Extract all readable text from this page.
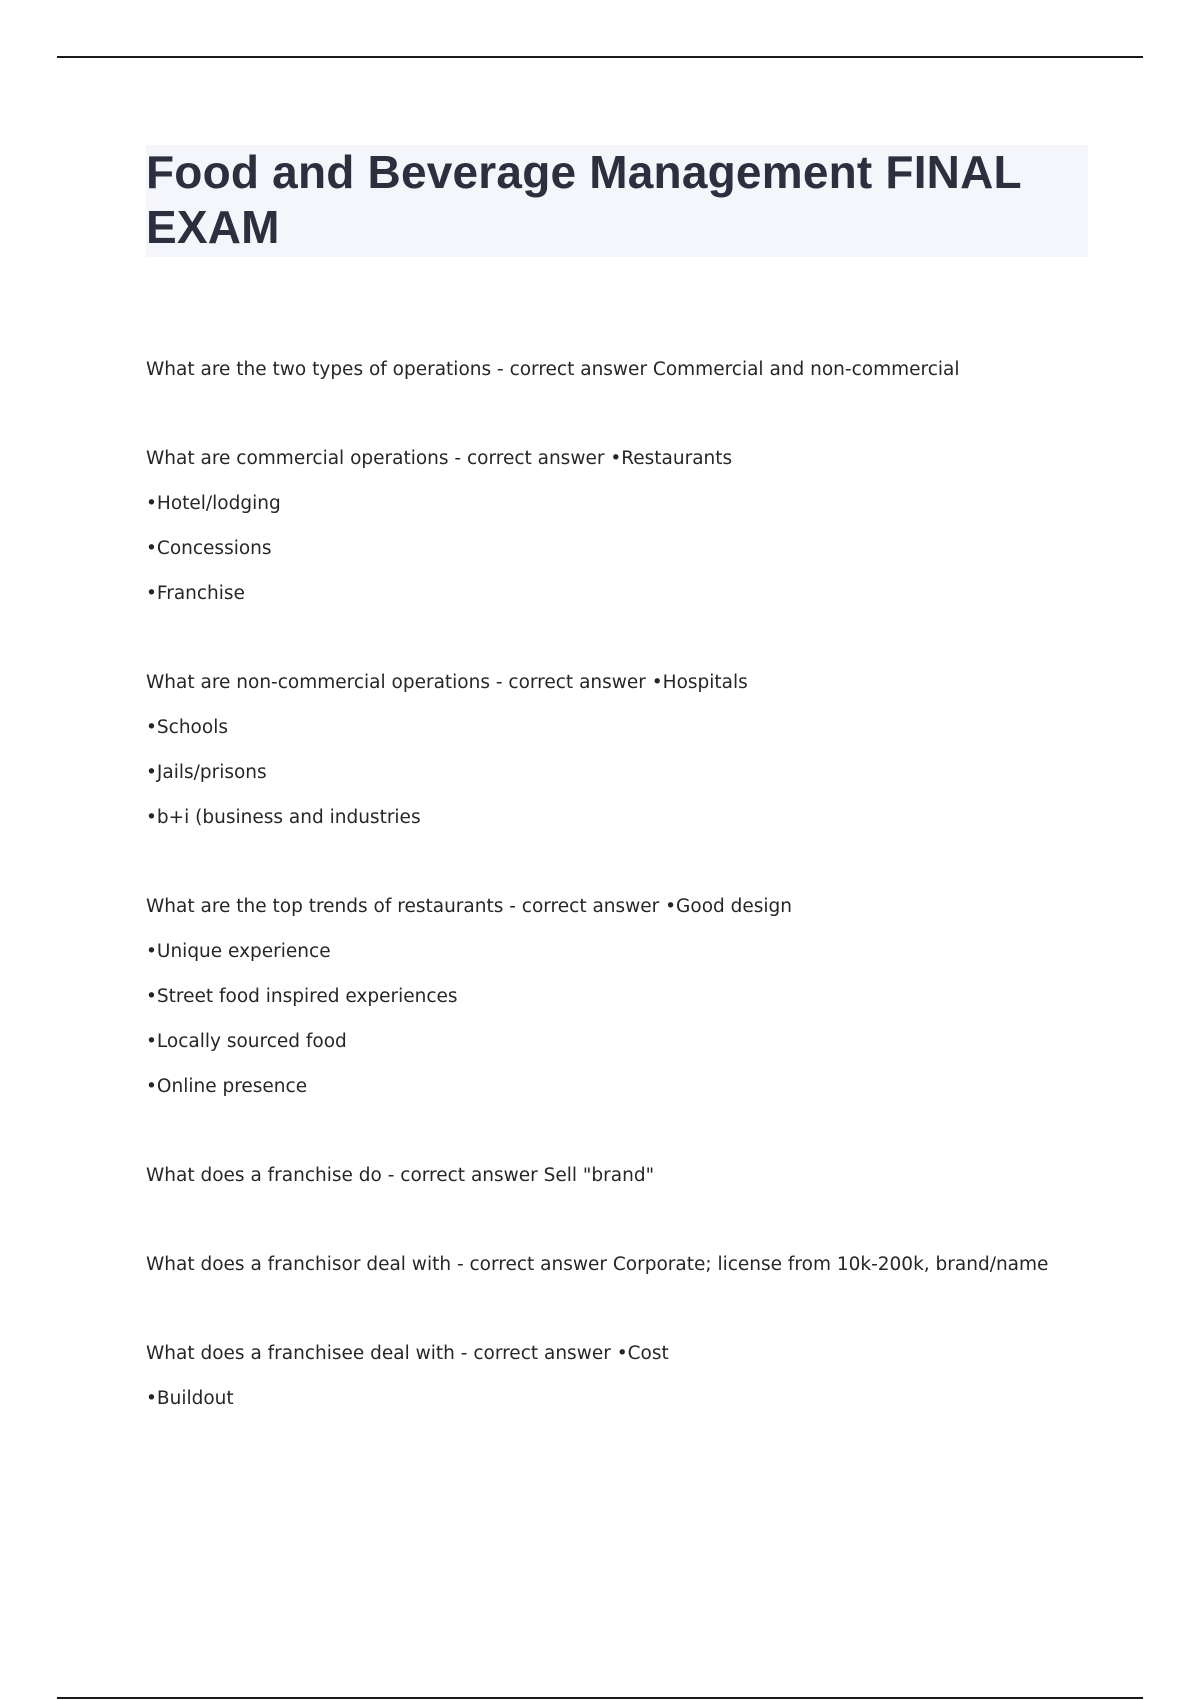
Food and Beverage Management FINAL EXAM
What are the two types of operations - correct answer Commercial and non-commercial
What are commercial operations - correct answer •Restaurants
•Hotel/lodging
•Concessions
•Franchise
What are non-commercial operations - correct answer •Hospitals
•Schools
•Jails/prisons
•b+i (business and industries
What are the top trends of restaurants - correct answer •Good design
•Unique experience
•Street food inspired experiences
•Locally sourced food
•Online presence
What does a franchise do - correct answer Sell "brand"
What does a franchisor deal with - correct answer Corporate; license from 10k-200k, brand/name
What does a franchisee deal with - correct answer •Cost
•Buildout
